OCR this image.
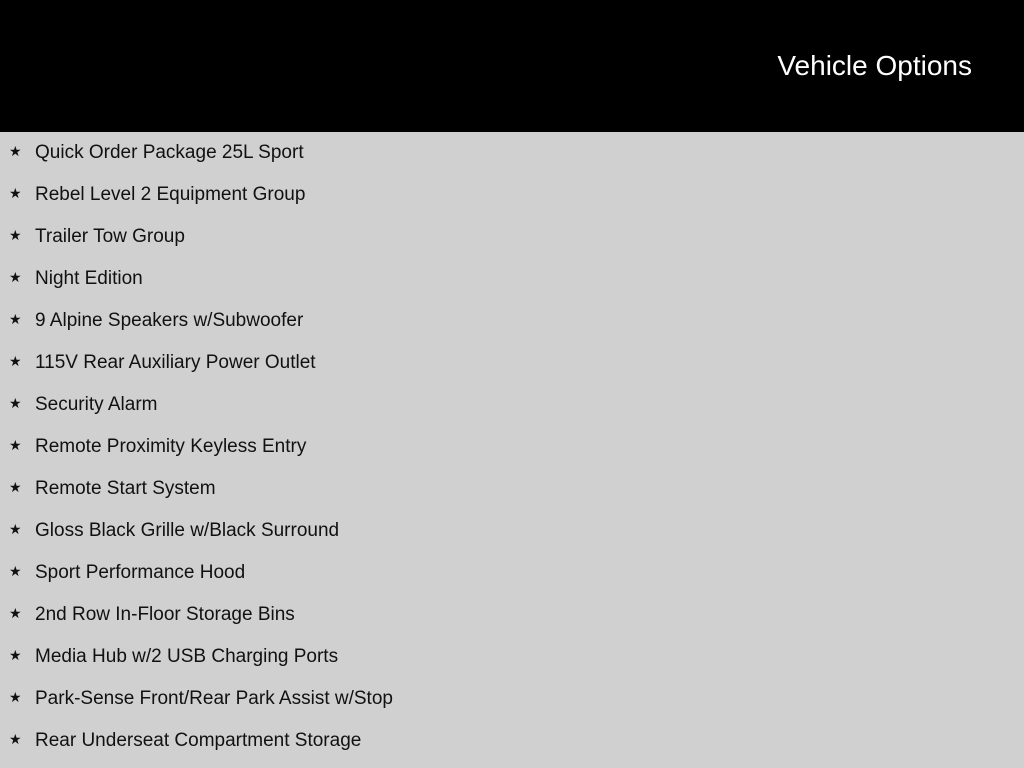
Vehicle Options
★ Quick Order Package 25L Sport
★ Rebel Level 2 Equipment Group
★ Trailer Tow Group
★ Night Edition
★ 9 Alpine Speakers w/Subwoofer
★ 115V Rear Auxiliary Power Outlet
★ Security Alarm
★ Remote Proximity Keyless Entry
★ Remote Start System
★ Gloss Black Grille w/Black Surround
★ Sport Performance Hood
★ 2nd Row In-Floor Storage Bins
★ Media Hub w/2 USB Charging Ports
★ Park-Sense Front/Rear Park Assist w/Stop
★ Rear Underseat Compartment Storage
